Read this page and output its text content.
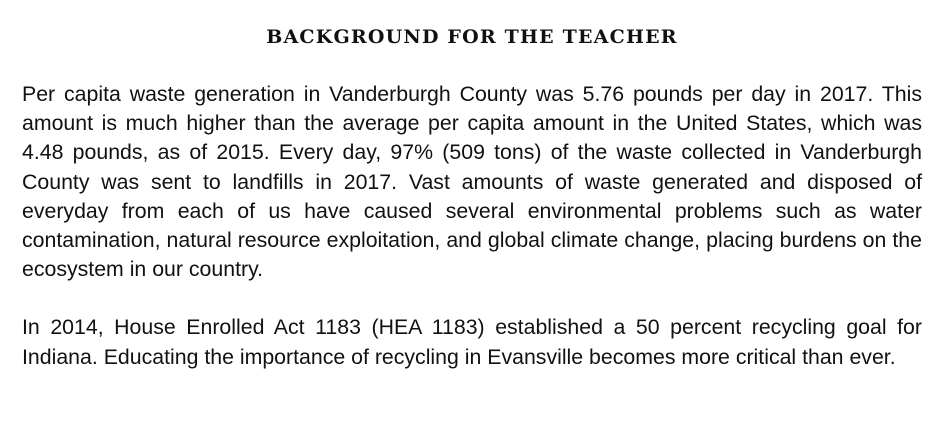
BACKGROUND FOR THE TEACHER

Per capita waste generation in Vanderburgh County was 5.76 pounds per day in 2017. This amount is much higher than the average per capita amount in the United States, which was 4.48 pounds, as of 2015. Every day, 97% (509 tons) of the waste collected in Vanderburgh County was sent to landfills in 2017. Vast amounts of waste generated and disposed of everyday from each of us have caused several environmental problems such as water contamination, natural resource exploitation, and global climate change, placing burdens on the ecosystem in our country.

In 2014, House Enrolled Act 1183 (HEA 1183) established a 50 percent recycling goal for Indiana. Educating the importance of recycling in Evansville becomes more critical than ever.
